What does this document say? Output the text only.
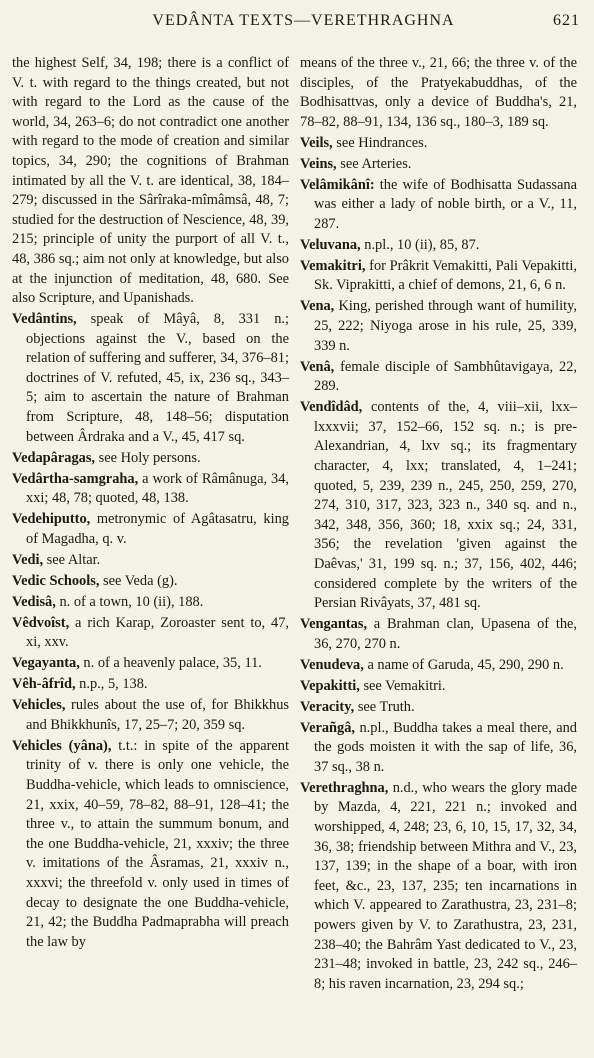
VEDÂNTA TEXTS—VERETHRAGHNA	621

the highest Self, 34, 198; there is a conflict of V. t. with regard to the things created, but not with regard to the Lord as the cause of the world, 34, 263–6; do not contradict one another with regard to the mode of creation and similar topics, 34, 290; the cognitions of Brahman intimated by all the V. t. are identical, 38, 184–279; discussed in the Sârîraka-mîmâmsâ, 48, 7; studied for the destruction of Nescience, 48, 39, 215; principle of unity the purport of all V. t., 48, 386 sq.; aim not only at knowledge, but also at the injunction of meditation, 48, 680. See also Scripture, and Upanishads.

Vedântins, speak of Mâyâ, 8, 331 n.; objections against the V., based on the relation of suffering and sufferer, 34, 376–81; doctrines of V. refuted, 45, ix, 236 sq., 343–5; aim to ascertain the nature of Brahman from Scripture, 48, 148–56; disputation between Ârdraka and a V., 45, 417 sq.

Vedapâragas, see Holy persons.

Vedârtha-samgraha, a work of Râmânuga, 34, xxi; 48, 78; quoted, 48, 138.

Vedehiputto, metronymic of Agâtasatru, king of Magadha, q. v.

Vedi, see Altar.

Vedic Schools, see Veda (g).

Vedisâ, n. of a town, 10 (ii), 188.

Vêdvoîst, a rich Karap, Zoroaster sent to, 47, xi, xxv.

Vegayanta, n. of a heavenly palace, 35, 11.

Vêh-âfrîd, n.p., 5, 138.

Vehicles, rules about the use of, for Bhikkhus and Bhikkhunîs, 17, 25–7; 20, 359 sq.

Vehicles (yâna), t.t.: in spite of the apparent trinity of v. there is only one vehicle, the Buddha-vehicle, which leads to omniscience, 21, xxix, 40–59, 78–82, 88–91, 128–41; the three v., to attain the summum bonum, and the one Buddha-vehicle, 21, xxxiv; the three v. imitations of the Âsramas, 21, xxxiv n., xxxvi; the threefold v. only used in times of decay to designate the one Buddha-vehicle, 21, 42; the Buddha Padmaprabha will preach the law by

means of the three v., 21, 66; the three v. of the disciples, of the Pratyekabuddhas, of the Bodhisattvas, only a device of Buddha's, 21, 78–82, 88–91, 134, 136 sq., 180–3, 189 sq.

Veils, see Hindrances.

Veins, see Arteries.

Velâmikânî: the wife of Bodhisatta Sudassana was either a lady of noble birth, or a V., 11, 287.

Veluvana, n.pl., 10 (ii), 85, 87.

Vemakitri, for Prâkrit Vemakitti, Pali Vepakitti, Sk. Viprakitti, a chief of demons, 21, 6, 6 n.

Vena, King, perished through want of humility, 25, 222; Niyoga arose in his rule, 25, 339, 339 n.

Venâ, female disciple of Sambhûtavigaya, 22, 289.

Vendîdâd, contents of the, 4, viii–xii, lxx–lxxxvii; 37, 152–66, 152 sq. n.; is pre-Alexandrian, 4, lxv sq.; its fragmentary character, 4, lxx; translated, 4, 1–241; quoted, 5, 239, 239 n., 245, 250, 259, 270, 274, 310, 317, 323, 323 n., 340 sq. and n., 342, 348, 356, 360; 18, xxix sq.; 24, 331, 356; the revelation 'given against the Daêvas,' 31, 199 sq. n.; 37, 156, 402, 446; considered complete by the writers of the Persian Rivâyats, 37, 481 sq.

Vengantas, a Brahman clan, Upasena of the, 36, 270, 270 n.

Venudeva, a name of Garuda, 45, 290, 290 n.

Vepakitti, see Vemakitri.

Veracity, see Truth.

Verañgâ, n.pl., Buddha takes a meal there, and the gods moisten it with the sap of life, 36, 37 sq., 38 n.

Verethraghna, n.d., who wears the glory made by Mazda, 4, 221, 221 n.; invoked and worshipped, 4, 248; 23, 6, 10, 15, 17, 32, 34, 36, 38; friendship between Mithra and V., 23, 137, 139; in the shape of a boar, with iron feet, &c., 23, 137, 235; ten incarnations in which V. appeared to Zarathustra, 23, 231–8; powers given by V. to Zarathustra, 23, 231, 238–40; the Bahrâm Yast dedicated to V., 23, 231–48; invoked in battle, 23, 242 sq., 246–8; his raven incarnation, 23, 294 sq.;
